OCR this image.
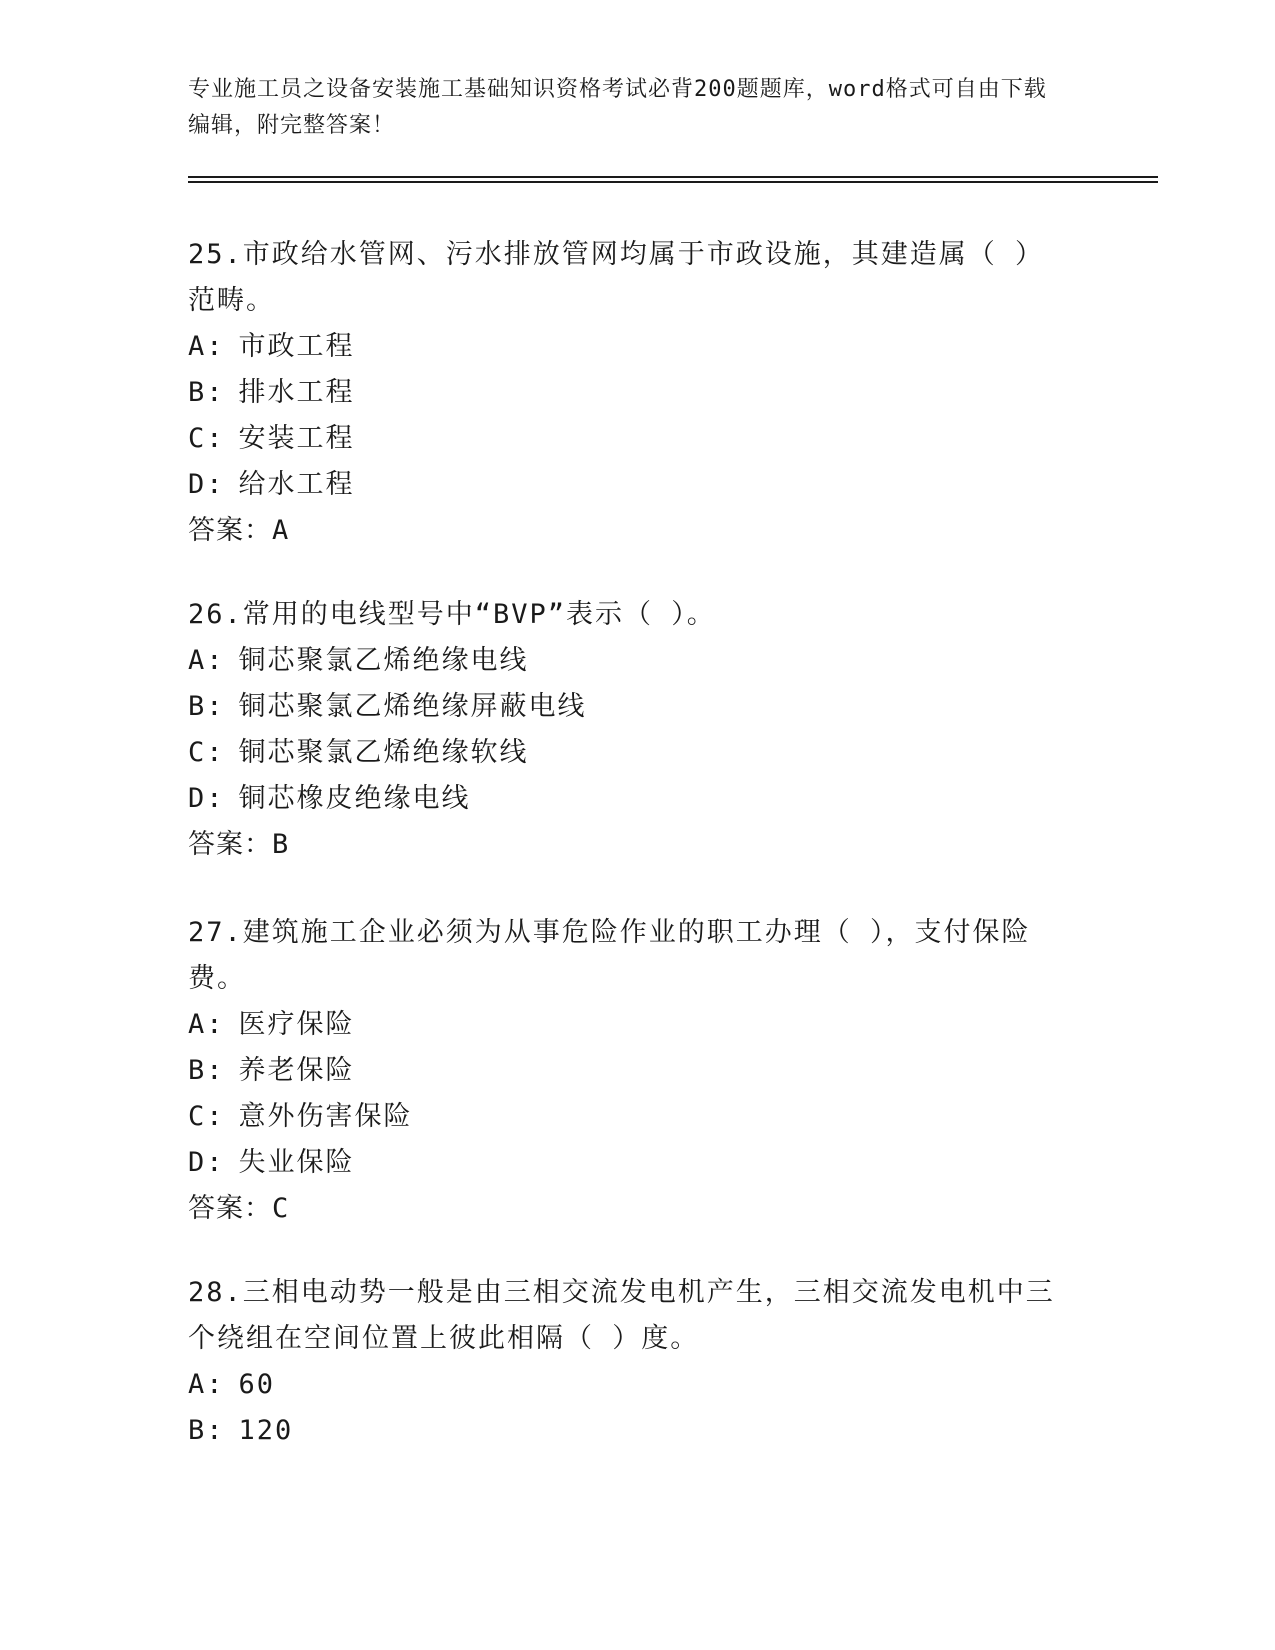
专业施工员之设备安装施工基础知识资格考试必背200题题库，word格式可自由下载编辑，附完整答案！

25.市政给水管网、污水排放管网均属于市政设施，其建造属（ ）范畴。

A: 市政工程

B: 排水工程

C: 安装工程

D: 给水工程

答案：A

26.常用的电线型号中“BVP”表示（ ）。

A: 铜芯聚氯乙烯绝缘电线

B: 铜芯聚氯乙烯绝缘屏蔽电线

C: 铜芯聚氯乙烯绝缘软线

D: 铜芯橡皮绝缘电线

答案：B

27.建筑施工企业必须为从事危险作业的职工办理（ ），支付保险费。

A: 医疗保险

B: 养老保险

C: 意外伤害保险

D: 失业保险

答案：C

28.三相电动势一般是由三相交流发电机产生，三相交流发电机中三个绕组在空间位置上彼此相隔（ ）度。

A: 60

B: 120
